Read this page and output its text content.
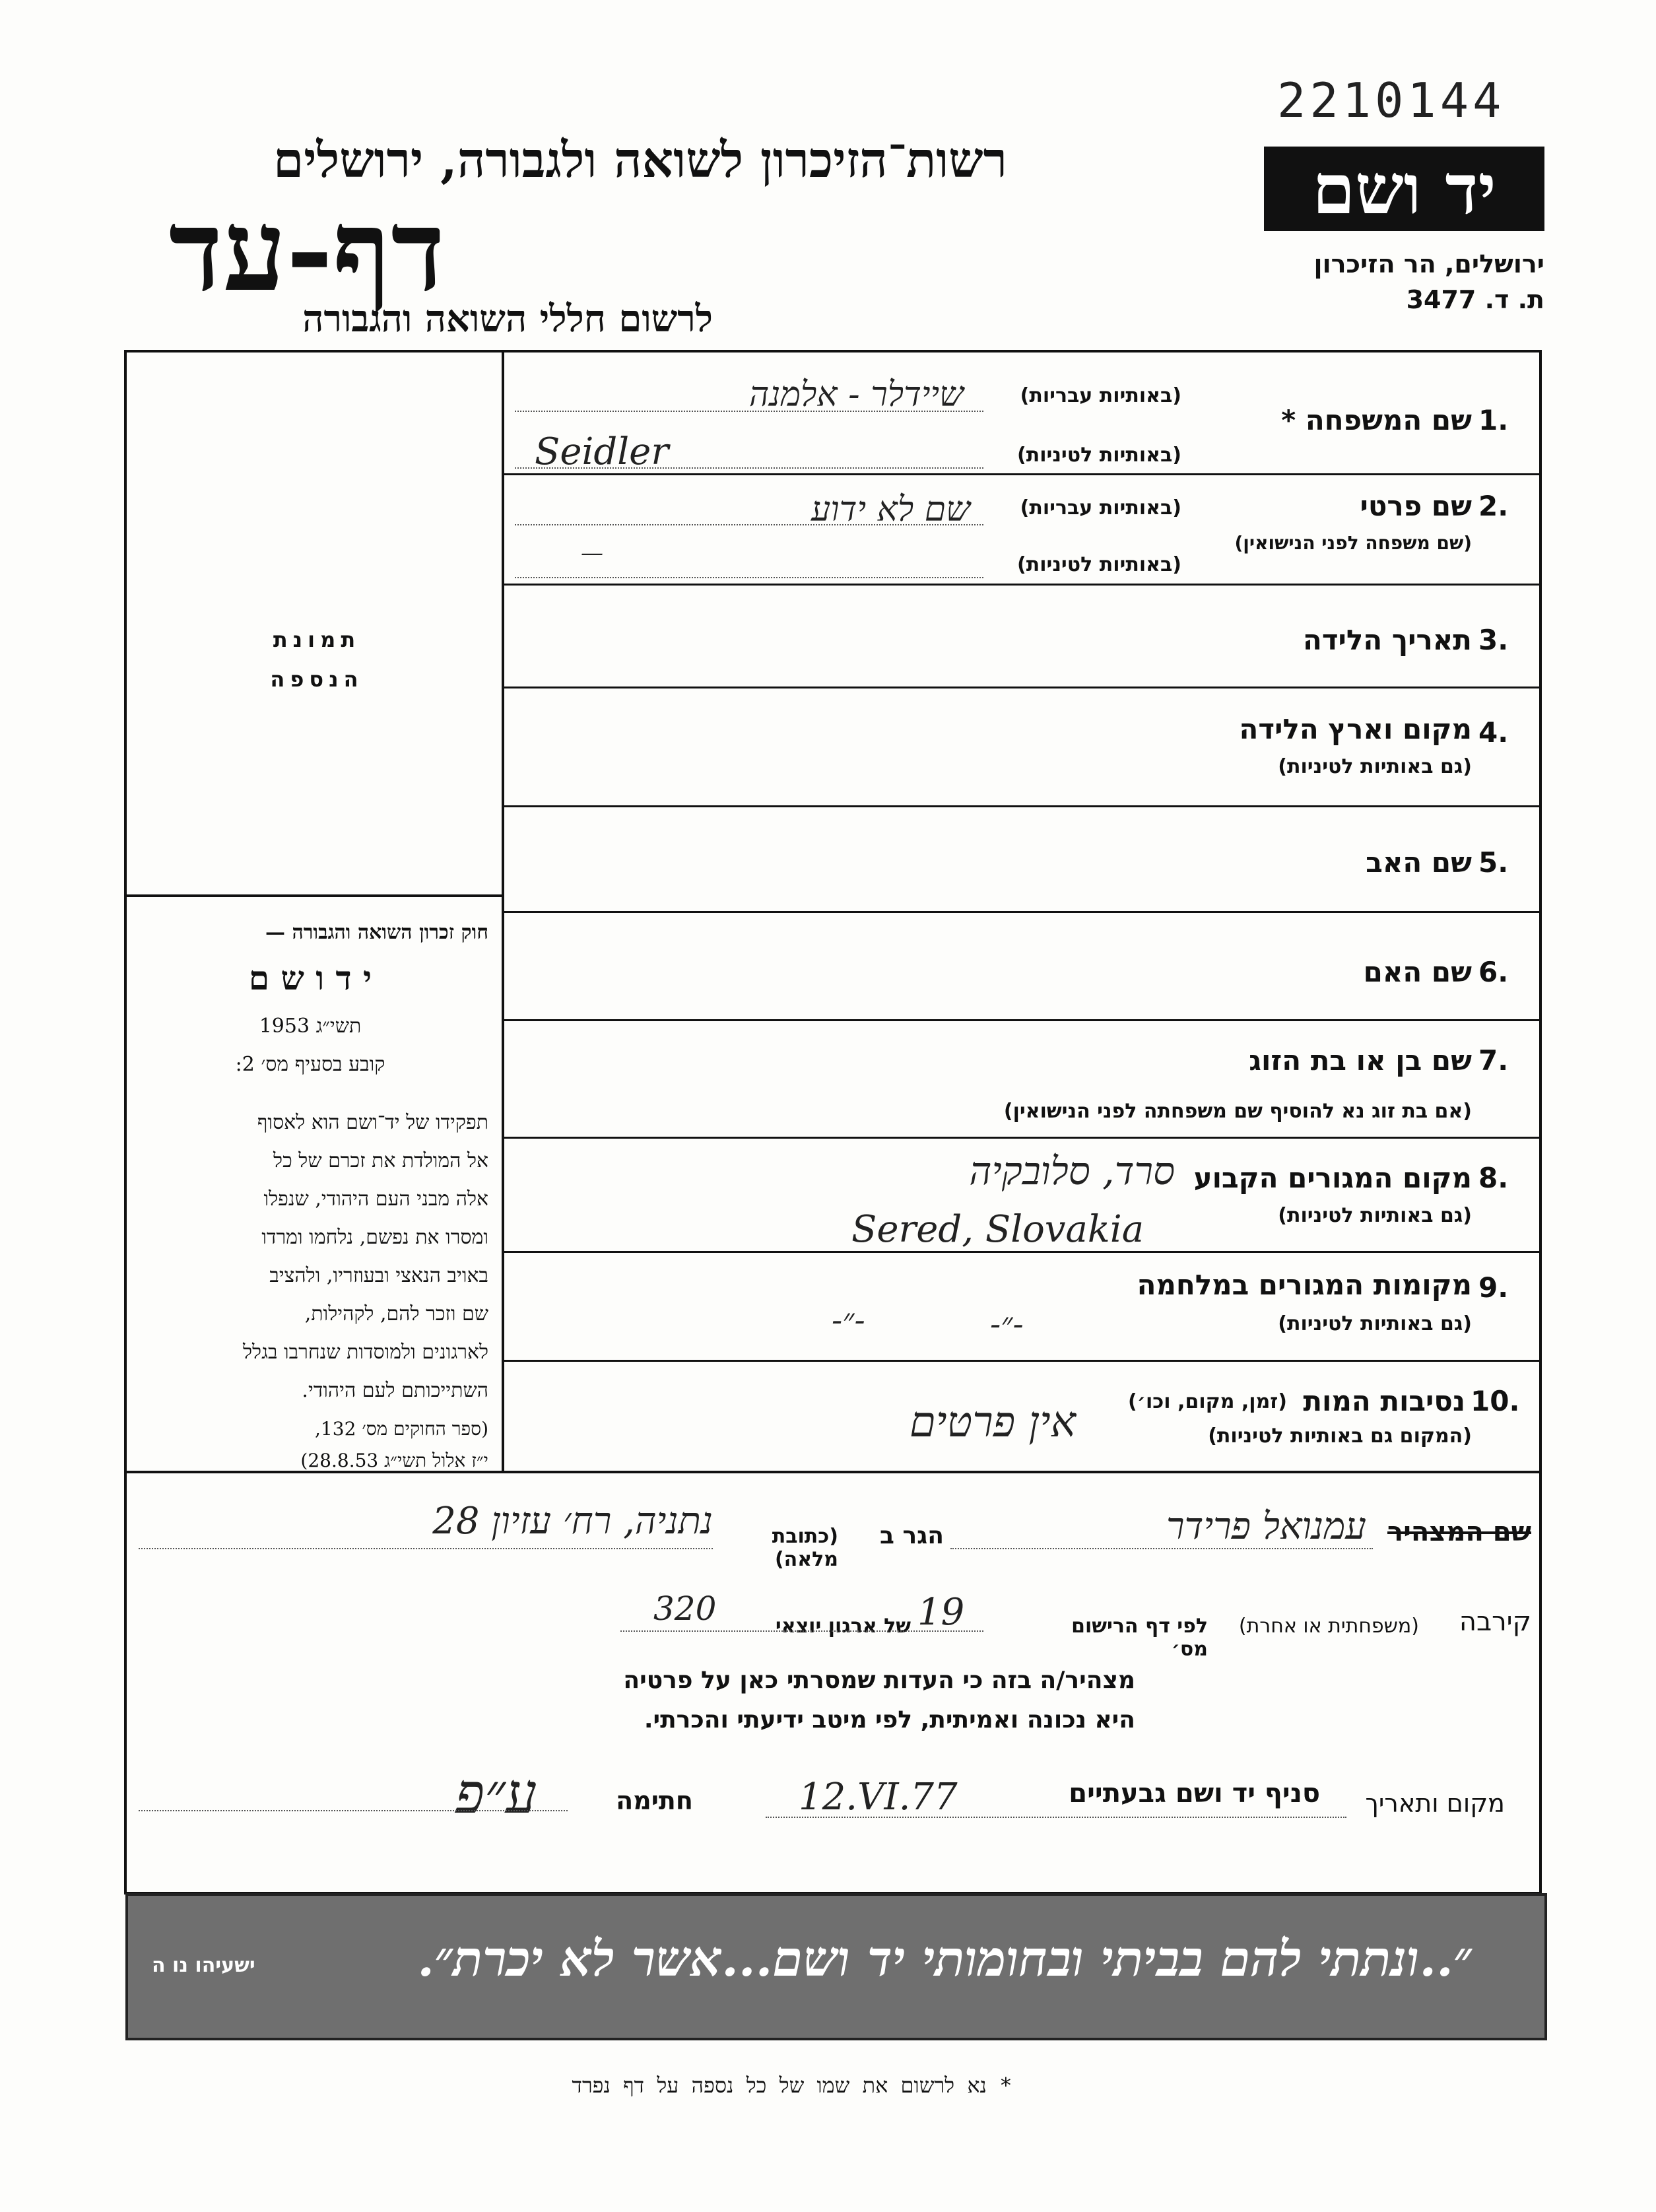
2210144
רשות־הזיכרון לשואה ולגבורה, ירושלים
דף-עד
לרשום חללי השואה והגבורה
יד ושם
ירושלים, הר הזיכרון
ת. ד. 3477
1.
שם המשפחה *
(באותיות עבריות)
(באותיות לטיניות)
שיידלר - אלמנה
Seidler
2.
שם פרטי
(שם משפחה לפני הנישואין)
(באותיות עבריות)
(באותיות לטיניות)
שם לא ידוע
—
3.
תאריך הלידה
4.
מקום וארץ הלידה
(גם באותיות לטיניות)
5.
שם האב
6.
שם האם
7.
שם בן או בת הזוג
(אם בת זוג נא להוסיף שם משפחתה לפני הנישואין)
8.
מקום המגורים הקבוע
(גם באותיות לטיניות)
סרד, סלובקיה
Sered, Slovakia
9.
מקומות המגורים במלחמה
(גם באותיות לטיניות)
-״-	-״-
10.
נסיבות המות
(זמן, מקום, וכו׳)
(המקום גם באותיות לטיניות)
אין פרטים
תמונת
הנספה
חוק זכרון השואה והגבורה —
י ד ו ש ם
תשי״ג 1953
קובע בסעיף מס׳ 2:
תפקידו של יד־ושם הוא לאסוף
אל המולדת את זכרם של כל
אלה מבני העם היהודי, שנפלו
ומסרו את נפשם, נלחמו ומרדו
באויב הנאצי ובעוזריו, ולהציב
שם וזכר להם, לקהילות,
לארגונים ולמוסדות שנחרבו בגלל
השתייכותם לעם היהודי.
(ספר החוקים מס׳ 132,
י״ז אלול תשי״ג 28.8.53)
שם המצהיר
עמנואל פרידר
הגר ב
(כתובת מלאה)
נתניה, רח׳ עזיון 28
קירבה
(משפחתית או אחרת)
לפי דף הרישום מס׳
19
של ארגון יוצאי
320
מצהיר/ה בזה כי העדות שמסרתי כאן על פרטיה
היא נכונה ואמיתית, לפי מיטב ידיעתי והכרתי.
מקום ותאריך
סניף יד ושם גבעתיים
12.VI.77
חתימה
ע״פ
״..ונתתי להם בביתי ובחומותי יד ושם...אשר לא יכרת״.
ישעיהו נו ה
* נא לרשום את שמו של כל נספה על דף נפרד
